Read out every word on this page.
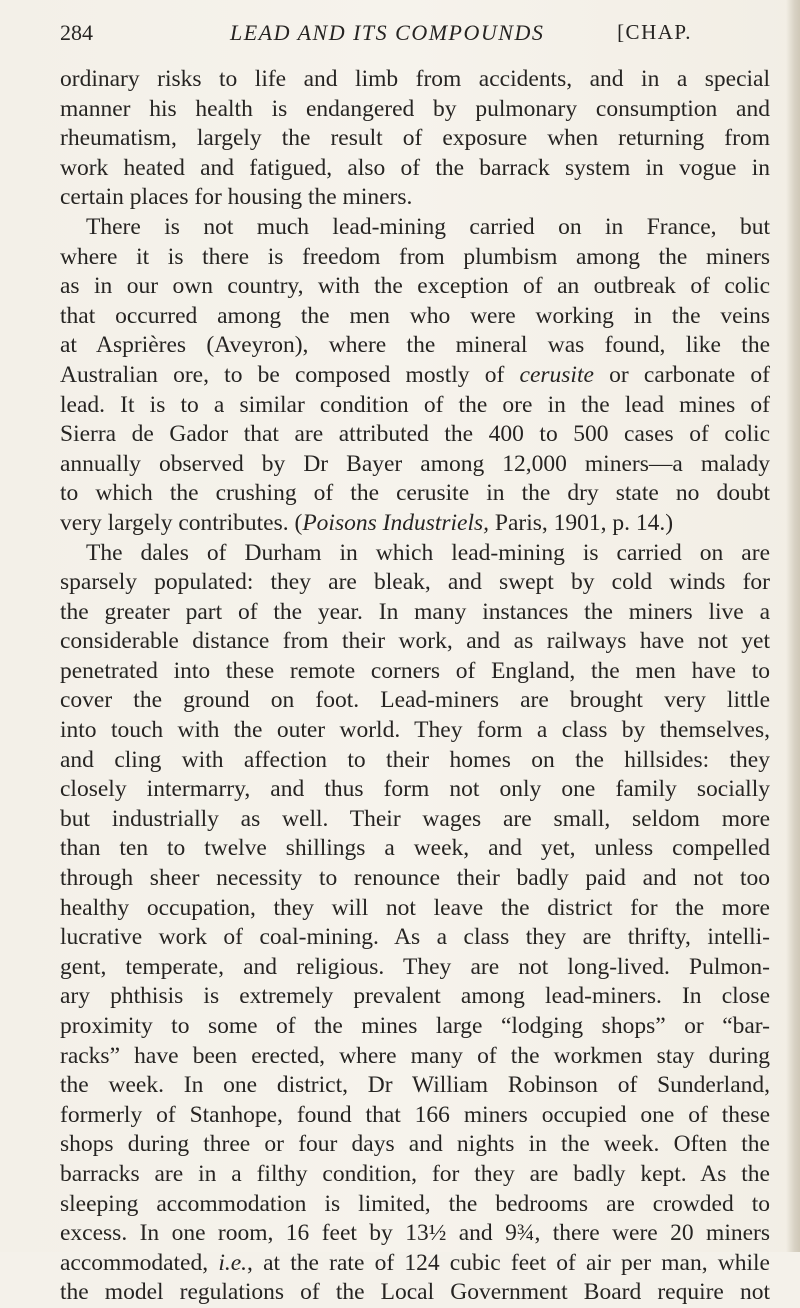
284	LEAD AND ITS COMPOUNDS	[CHAP.
ordinary risks to life and limb from accidents, and in a special
manner his health is endangered by pulmonary consumption and
rheumatism, largely the result of exposure when returning from
work heated and fatigued, also of the barrack system in vogue in
certain places for housing the miners.
There is not much lead-mining carried on in France, but
where it is there is freedom from plumbism among the miners
as in our own country, with the exception of an outbreak of colic
that occurred among the men who were working in the veins
at Asprières (Aveyron), where the mineral was found, like the
Australian ore, to be composed mostly of cerusite or carbonate of
lead. It is to a similar condition of the ore in the lead mines of
Sierra de Gador that are attributed the 400 to 500 cases of colic
annually observed by Dr Bayer among 12,000 miners—a malady
to which the crushing of the cerusite in the dry state no doubt
very largely contributes. (Poisons Industriels, Paris, 1901, p. 14.)
The dales of Durham in which lead-mining is carried on are
sparsely populated: they are bleak, and swept by cold winds for
the greater part of the year. In many instances the miners live a
considerable distance from their work, and as railways have not yet
penetrated into these remote corners of England, the men have to
cover the ground on foot. Lead-miners are brought very little
into touch with the outer world. They form a class by themselves,
and cling with affection to their homes on the hillsides: they
closely intermarry, and thus form not only one family socially
but industrially as well. Their wages are small, seldom more
than ten to twelve shillings a week, and yet, unless compelled
through sheer necessity to renounce their badly paid and not too
healthy occupation, they will not leave the district for the more
lucrative work of coal-mining. As a class they are thrifty, intelli-
gent, temperate, and religious. They are not long-lived. Pulmon-
ary phthisis is extremely prevalent among lead-miners. In close
proximity to some of the mines large “lodging shops” or “bar-
racks” have been erected, where many of the workmen stay during
the week. In one district, Dr William Robinson of Sunderland,
formerly of Stanhope, found that 166 miners occupied one of these
shops during three or four days and nights in the week. Often the
barracks are in a filthy condition, for they are badly kept. As the
sleeping accommodation is limited, the bedrooms are crowded to
excess. In one room, 16 feet by 13½ and 9¾, there were 20 miners
accommodated, i.e., at the rate of 124 cubic feet of air per man, while
the model regulations of the Local Government Board require not
